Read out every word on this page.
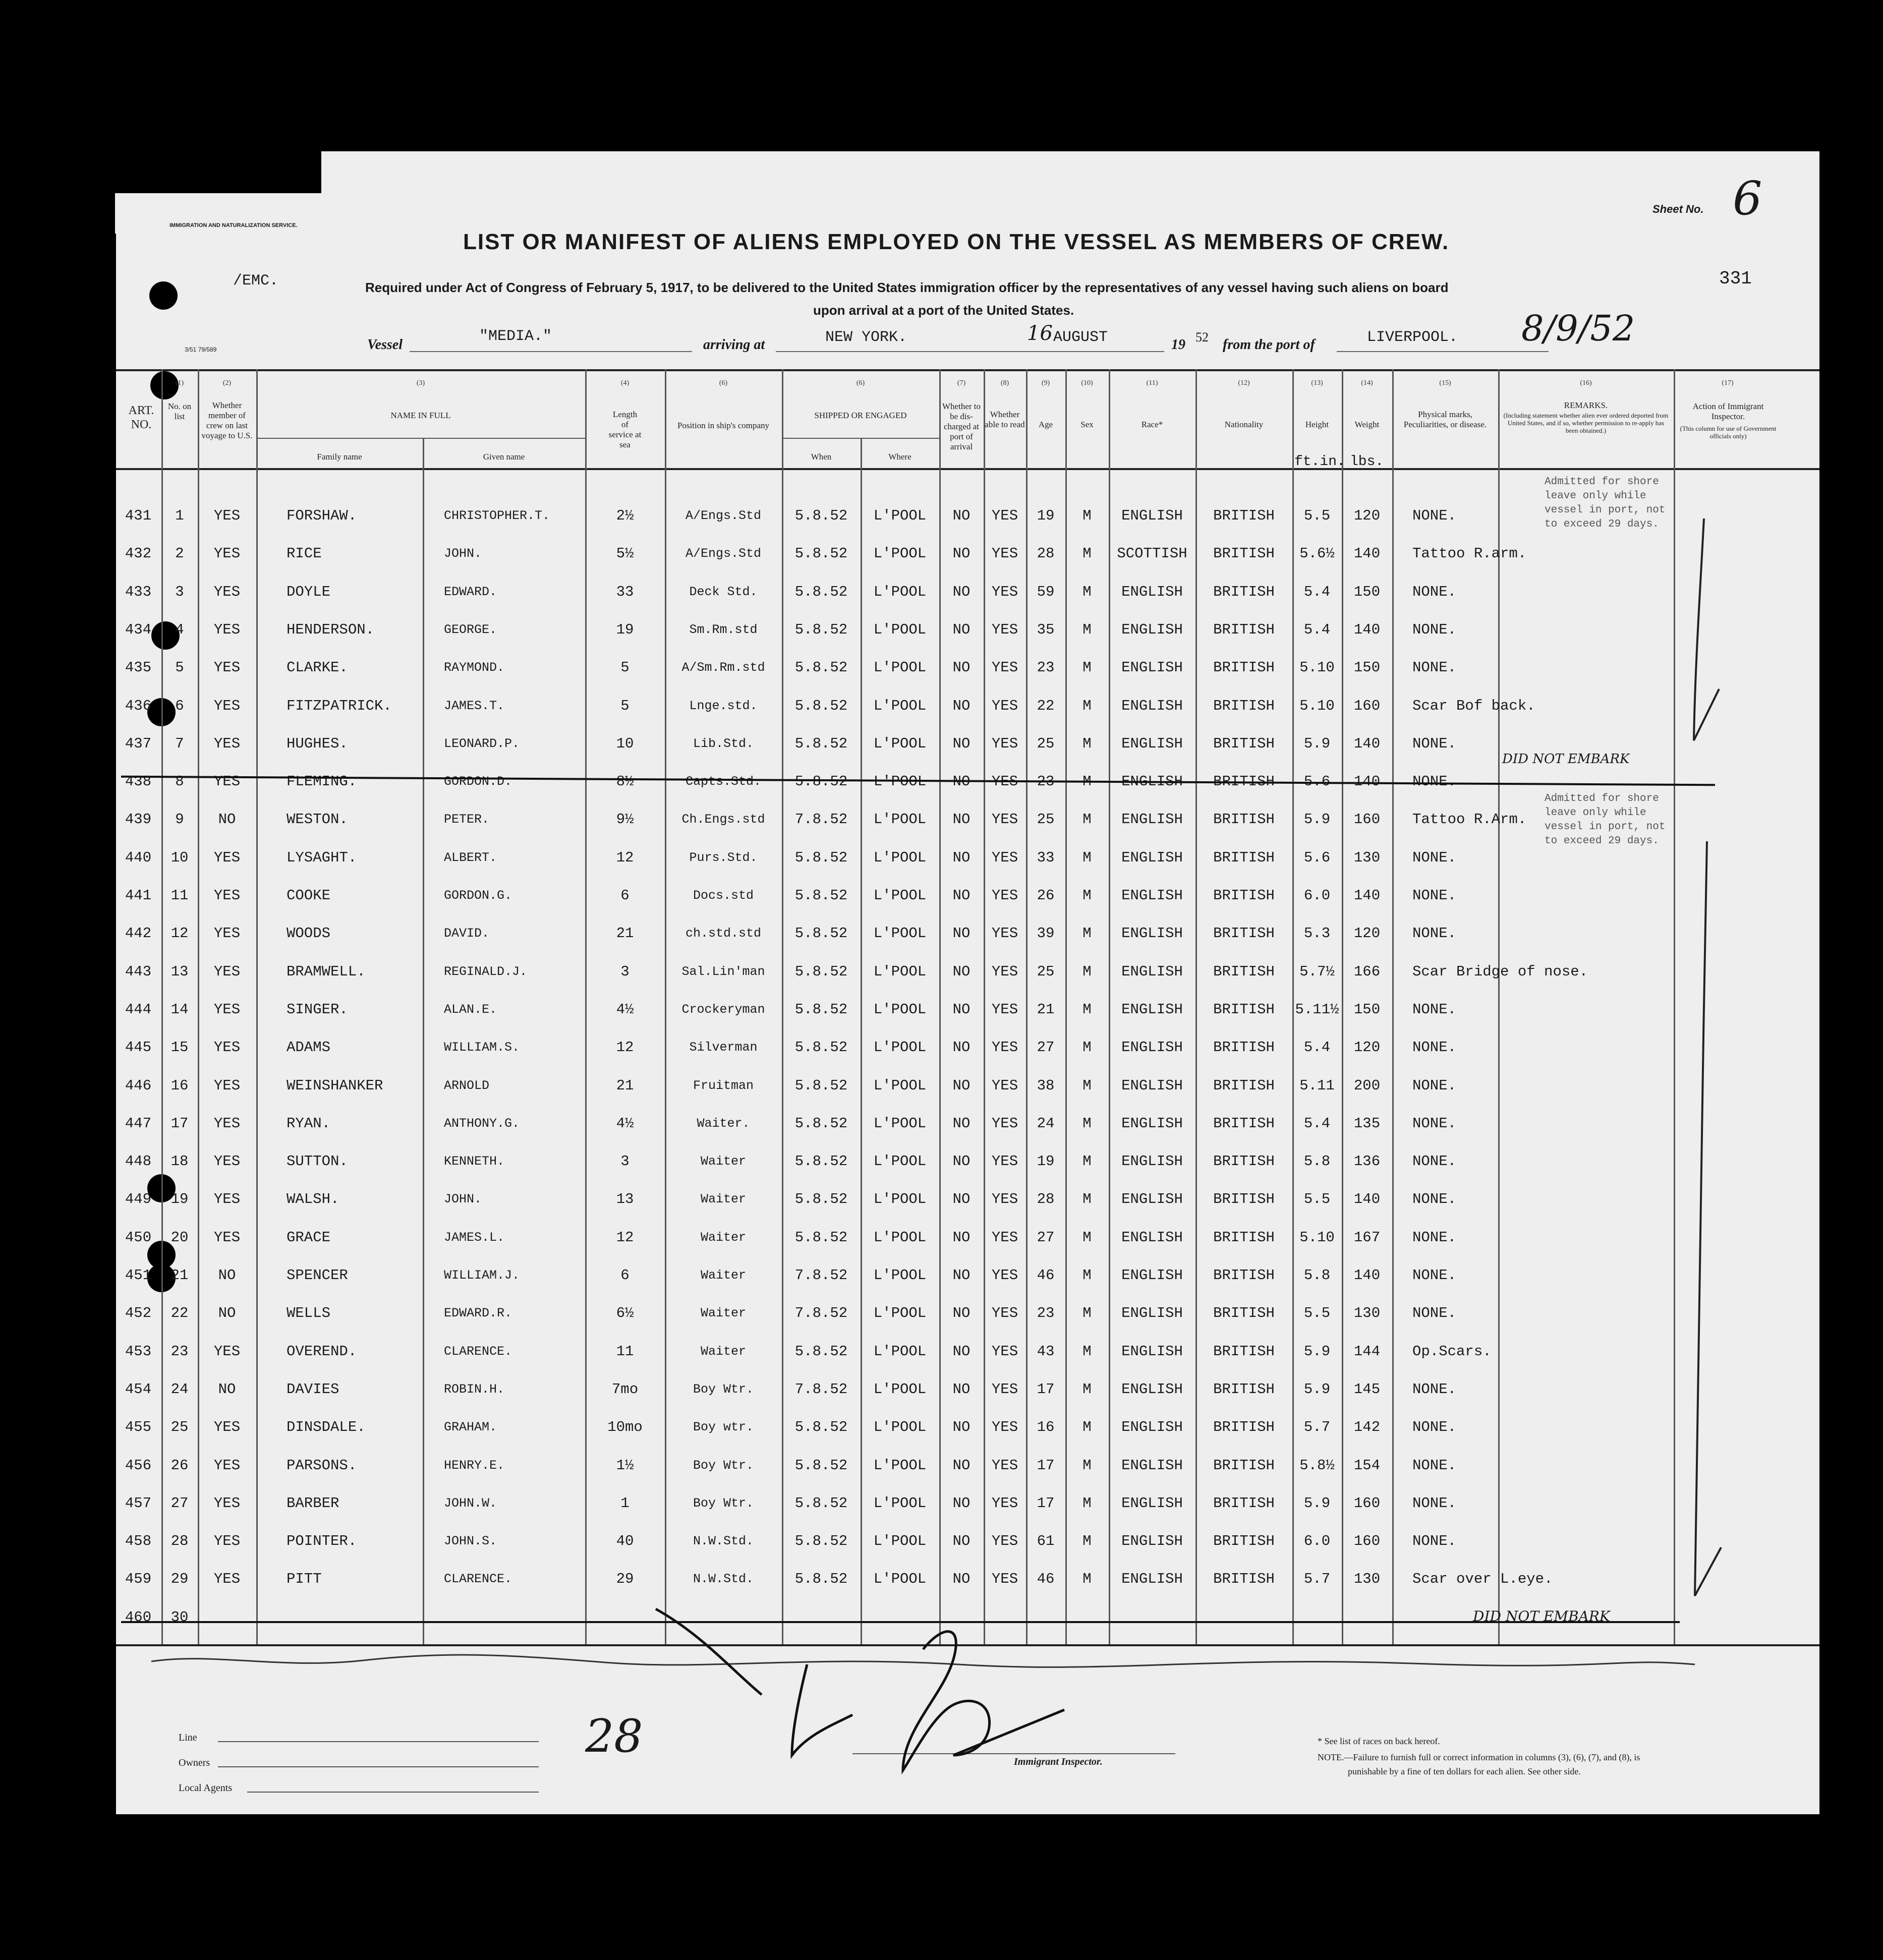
IMMIGRATION AND NATURALIZATION SERVICE.
LIST OR MANIFEST OF ALIENS EMPLOYED ON THE VESSEL AS MEMBERS OF CREW.
Sheet No. 6
331
/EMC.
3/51 79/589
Required under Act of Congress of February 5, 1917, to be delivered to the United States immigration officer by the representatives of any vessel having such aliens on board
upon arrival at a port of the United States.
Vessel	"MEDIA."	arriving at	NEW YORK.	16 AUGUST	19 52 from the port of	LIVERPOOL. 8/9/52
(1)	(2)	(3)	(4)	(6)	(6)	(7)	(8)	(9)	(10)	(11)	(12)	(13)	(14)	(15)	(16)	(17)
ART. NO.
No. on list
Whether member of crew on last voyage to U.S.
NAME IN FULL
Family name	Given name
Length of service at sea
Position in ship's company
SHIPPED OR ENGAGED
When	Where
Whether to be dis-charged at port of arrival
Whether able to read	Age	Sex	Race*	Nationality	Height	Weight
ft.in. lbs.
Physical marks, Peculiarities, or disease.
REMARKS.
(Including statement whether alien ever ordered deported from United States, and if so, whether permission to re-apply has been obtained.)
Action of Immigrant Inspector.
(This column for use of Government officials only)
431	1	YES	FORSHAW.	CHRISTOPHER.T.	2½	A/Engs.Std	5.8.52	L'POOL	NO	YES	19	M	ENGLISH	BRITISH	5.5	120	NONE.
432	2	YES	RICE	JOHN.	5½	A/Engs.Std	5.8.52	L'POOL	NO	YES	28	M	SCOTTISH	BRITISH	5.6½	140	Tattoo R.arm.
433	3	YES	DOYLE	EDWARD.	33	Deck Std.	5.8.52	L'POOL	NO	YES	59	M	ENGLISH	BRITISH	5.4	150	NONE.
434	4	YES	HENDERSON.	GEORGE.	19	Sm.Rm.std	5.8.52	L'POOL	NO	YES	35	M	ENGLISH	BRITISH	5.4	140	NONE.
435	5	YES	CLARKE.	RAYMOND.	5	A/Sm.Rm.std	5.8.52	L'POOL	NO	YES	23	M	ENGLISH	BRITISH	5.10	150	NONE.
436	6	YES	FITZPATRICK.	JAMES.T.	5	Lnge.std.	5.8.52	L'POOL	NO	YES	22	M	ENGLISH	BRITISH	5.10	160	Scar Bof back.
437	7	YES	HUGHES.	LEONARD.P.	10	Lib.Std.	5.8.52	L'POOL	NO	YES	25	M	ENGLISH	BRITISH	5.9	140	NONE.
438	8	YES	FLEMING.	GORDON.D.	8½	Capts.Std.	5.8.52	L'POOL	NO	YES	23	M	ENGLISH	BRITISH	5.6	140	NONE.
439	9	NO	WESTON.	PETER.	9½	Ch.Engs.std	7.8.52	L'POOL	NO	YES	25	M	ENGLISH	BRITISH	5.9	160	Tattoo R.Arm.
440	10	YES	LYSAGHT.	ALBERT.	12	Purs.Std.	5.8.52	L'POOL	NO	YES	33	M	ENGLISH	BRITISH	5.6	130	NONE.
441	11	YES	COOKE	GORDON.G.	6	Docs.std	5.8.52	L'POOL	NO	YES	26	M	ENGLISH	BRITISH	6.0	140	NONE.
442	12	YES	WOODS	DAVID.	21	ch.std.std	5.8.52	L'POOL	NO	YES	39	M	ENGLISH	BRITISH	5.3	120	NONE.
443	13	YES	BRAMWELL.	REGINALD.J.	3	Sal.Lin'man	5.8.52	L'POOL	NO	YES	25	M	ENGLISH	BRITISH	5.7½	166	Scar Bridge of nose.
444	14	YES	SINGER.	ALAN.E.	4½	Crockeryman	5.8.52	L'POOL	NO	YES	21	M	ENGLISH	BRITISH	5.11½	150	NONE.
445	15	YES	ADAMS	WILLIAM.S.	12	Silverman	5.8.52	L'POOL	NO	YES	27	M	ENGLISH	BRITISH	5.4	120	NONE.
446	16	YES	WEINSHANKER	ARNOLD	21	Fruitman	5.8.52	L'POOL	NO	YES	38	M	ENGLISH	BRITISH	5.11	200	NONE.
447	17	YES	RYAN.	ANTHONY.G.	4½	Waiter.	5.8.52	L'POOL	NO	YES	24	M	ENGLISH	BRITISH	5.4	135	NONE.
448	18	YES	SUTTON.	KENNETH.	3	Waiter	5.8.52	L'POOL	NO	YES	19	M	ENGLISH	BRITISH	5.8	136	NONE.
449	19	YES	WALSH.	JOHN.	13	Waiter	5.8.52	L'POOL	NO	YES	28	M	ENGLISH	BRITISH	5.5	140	NONE.
450	20	YES	GRACE	JAMES.L.	12	Waiter	5.8.52	L'POOL	NO	YES	27	M	ENGLISH	BRITISH	5.10	167	NONE.
451	21	NO	SPENCER	WILLIAM.J.	6	Waiter	7.8.52	L'POOL	NO	YES	46	M	ENGLISH	BRITISH	5.8	140	NONE.
452	22	NO	WELLS	EDWARD.R.	6½	Waiter	7.8.52	L'POOL	NO	YES	23	M	ENGLISH	BRITISH	5.5	130	NONE.
453	23	YES	OVEREND.	CLARENCE.	11	Waiter	5.8.52	L'POOL	NO	YES	43	M	ENGLISH	BRITISH	5.9	144	Op.Scars.
454	24	NO	DAVIES	ROBIN.H.	7mo	Boy Wtr.	7.8.52	L'POOL	NO	YES	17	M	ENGLISH	BRITISH	5.9	145	NONE.
455	25	YES	DINSDALE.	GRAHAM.	10mo	Boy wtr.	5.8.52	L'POOL	NO	YES	16	M	ENGLISH	BRITISH	5.7	142	NONE.
456	26	YES	PARSONS.	HENRY.E.	1½	Boy Wtr.	5.8.52	L'POOL	NO	YES	17	M	ENGLISH	BRITISH	5.8½	154	NONE.
457	27	YES	BARBER	JOHN.W.	1	Boy Wtr.	5.8.52	L'POOL	NO	YES	17	M	ENGLISH	BRITISH	5.9	160	NONE.
458	28	YES	POINTER.	JOHN.S.	40	N.W.Std.	5.8.52	L'POOL	NO	YES	61	M	ENGLISH	BRITISH	6.0	160	NONE.
459	29	YES	PITT	CLARENCE.	29	N.W.Std.	5.8.52	L'POOL	NO	YES	46	M	ENGLISH	BRITISH	5.7	130	Scar over L.eye.
460	30
Admitted for shore leave only while vessel in port, not to exceed 29 days.
Admitted for shore leave only while vessel in port, not to exceed 29 days.
DID NOT EMBARK
DID NOT EMBARK
Line
Owners
Local Agents
28	Immigrant Inspector.
* See list of races on back hereof.
NOTE.—Failure to furnish full or correct information in columns (3), (6), (7), and (8), is
punishable by a fine of ten dollars for each alien. See other side.
